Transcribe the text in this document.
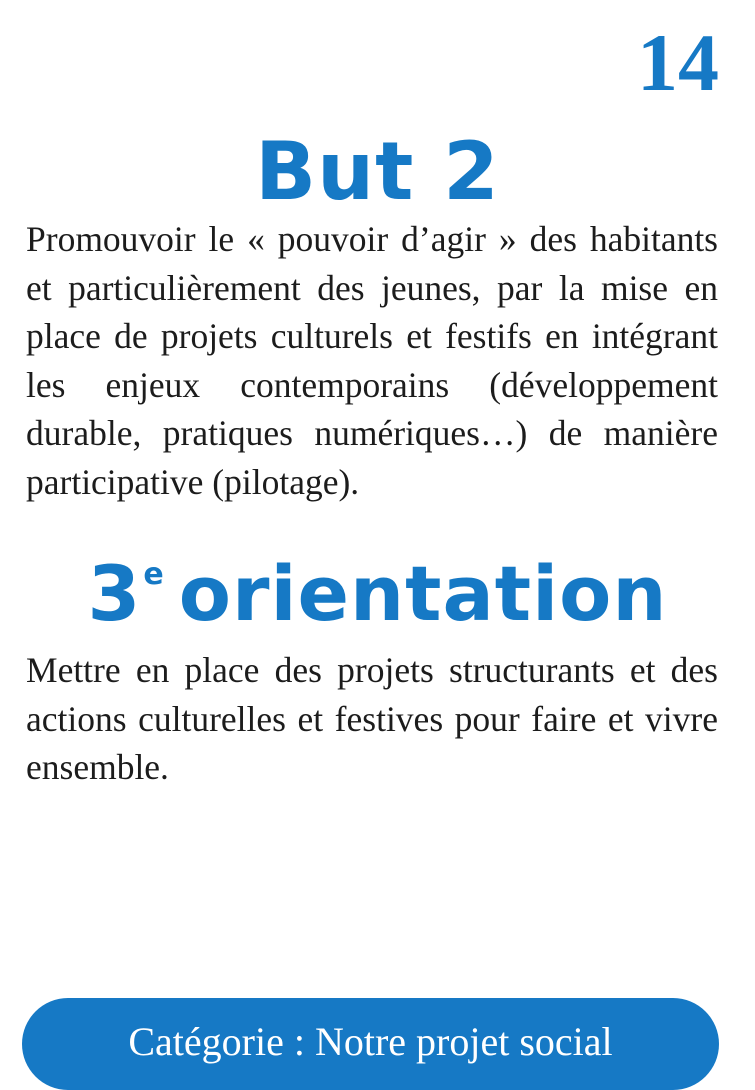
14
But 2

Promouvoir le « pouvoir d’agir » des habitants et particulièrement des jeunes, par la mise en place de projets culturels et festifs en intégrant les enjeux contemporains (développement durable, pratiques numériques…) de manière participative (pilotage).

3e orientation

Mettre en place des projets structurants et des actions culturelles et festives pour faire et vivre ensemble.

Catégorie : Notre projet social
